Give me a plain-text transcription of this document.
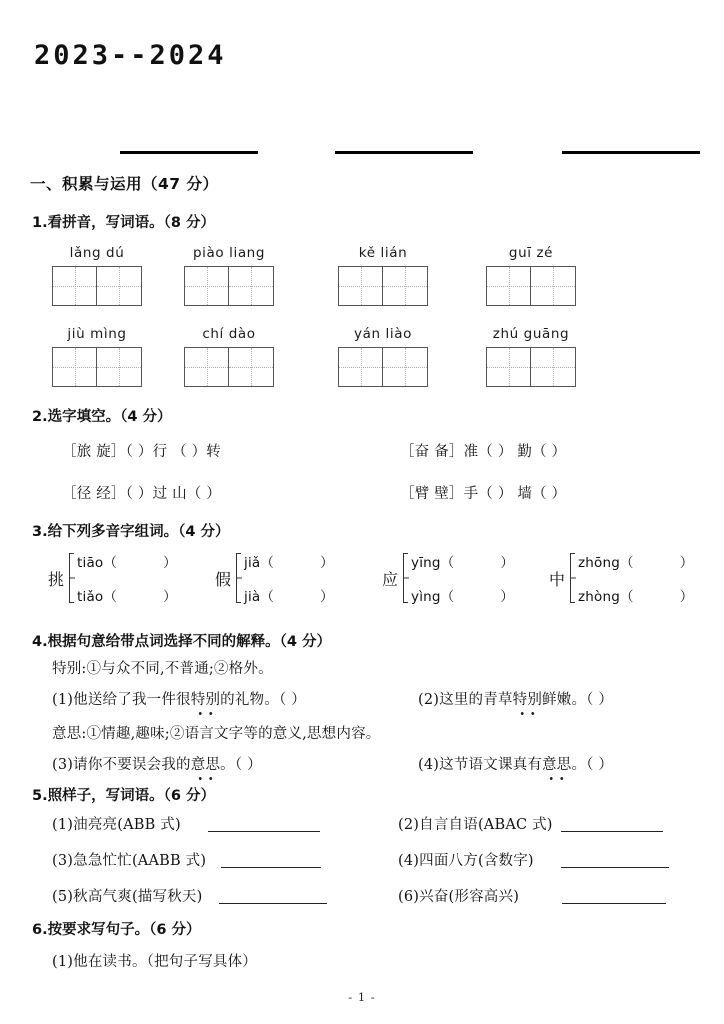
2023--2024
一、积累与运用（47 分）
1.看拼音，写词语。（8 分）
lǎng dú	piào liang	kě lián	guī zé
jiù mìng	chí dào	yán liào	zhú guāng
2.选字填空。（4 分）
［旅 旋］（ ）行 （ ）转	［奋 备］准（ ） 勤（ ）
［径 经］（ ）过 山（ ）	［臂 壁］手（ ） 墙（ ）
3.给下列多音字组词。（4 分）
挑
tiāo（	）
tiǎo（	）
假
jiǎ（	）
jià（	）
应
yīng（	）
yìng（	）
中
zhōng（	）
zhòng（	）
4.根据句意给带点词选择不同的解释。（4 分）
特别:①与众不同,不普通;②格外。
(1)他送给了我一件很特别的礼物。（ ）	(2)这里的青草特别鲜嫩。（ ）
意思:①情趣,趣味;②语言文字等的意义,思想内容。
(3)请你不要误会我的意思。（ ）	(4)这节语文课真有意思。（ ）
5.照样子，写词语。（6 分）
(1)油亮亮(ABB 式)	(2)自言自语(ABAC 式)
(3)急急忙忙(AABB 式)	(4)四面八方(含数字)
(5)秋高气爽(描写秋天)	(6)兴奋(形容高兴)
6.按要求写句子。（6 分）
(1)他在读书。（把句子写具体）
- 1 -
